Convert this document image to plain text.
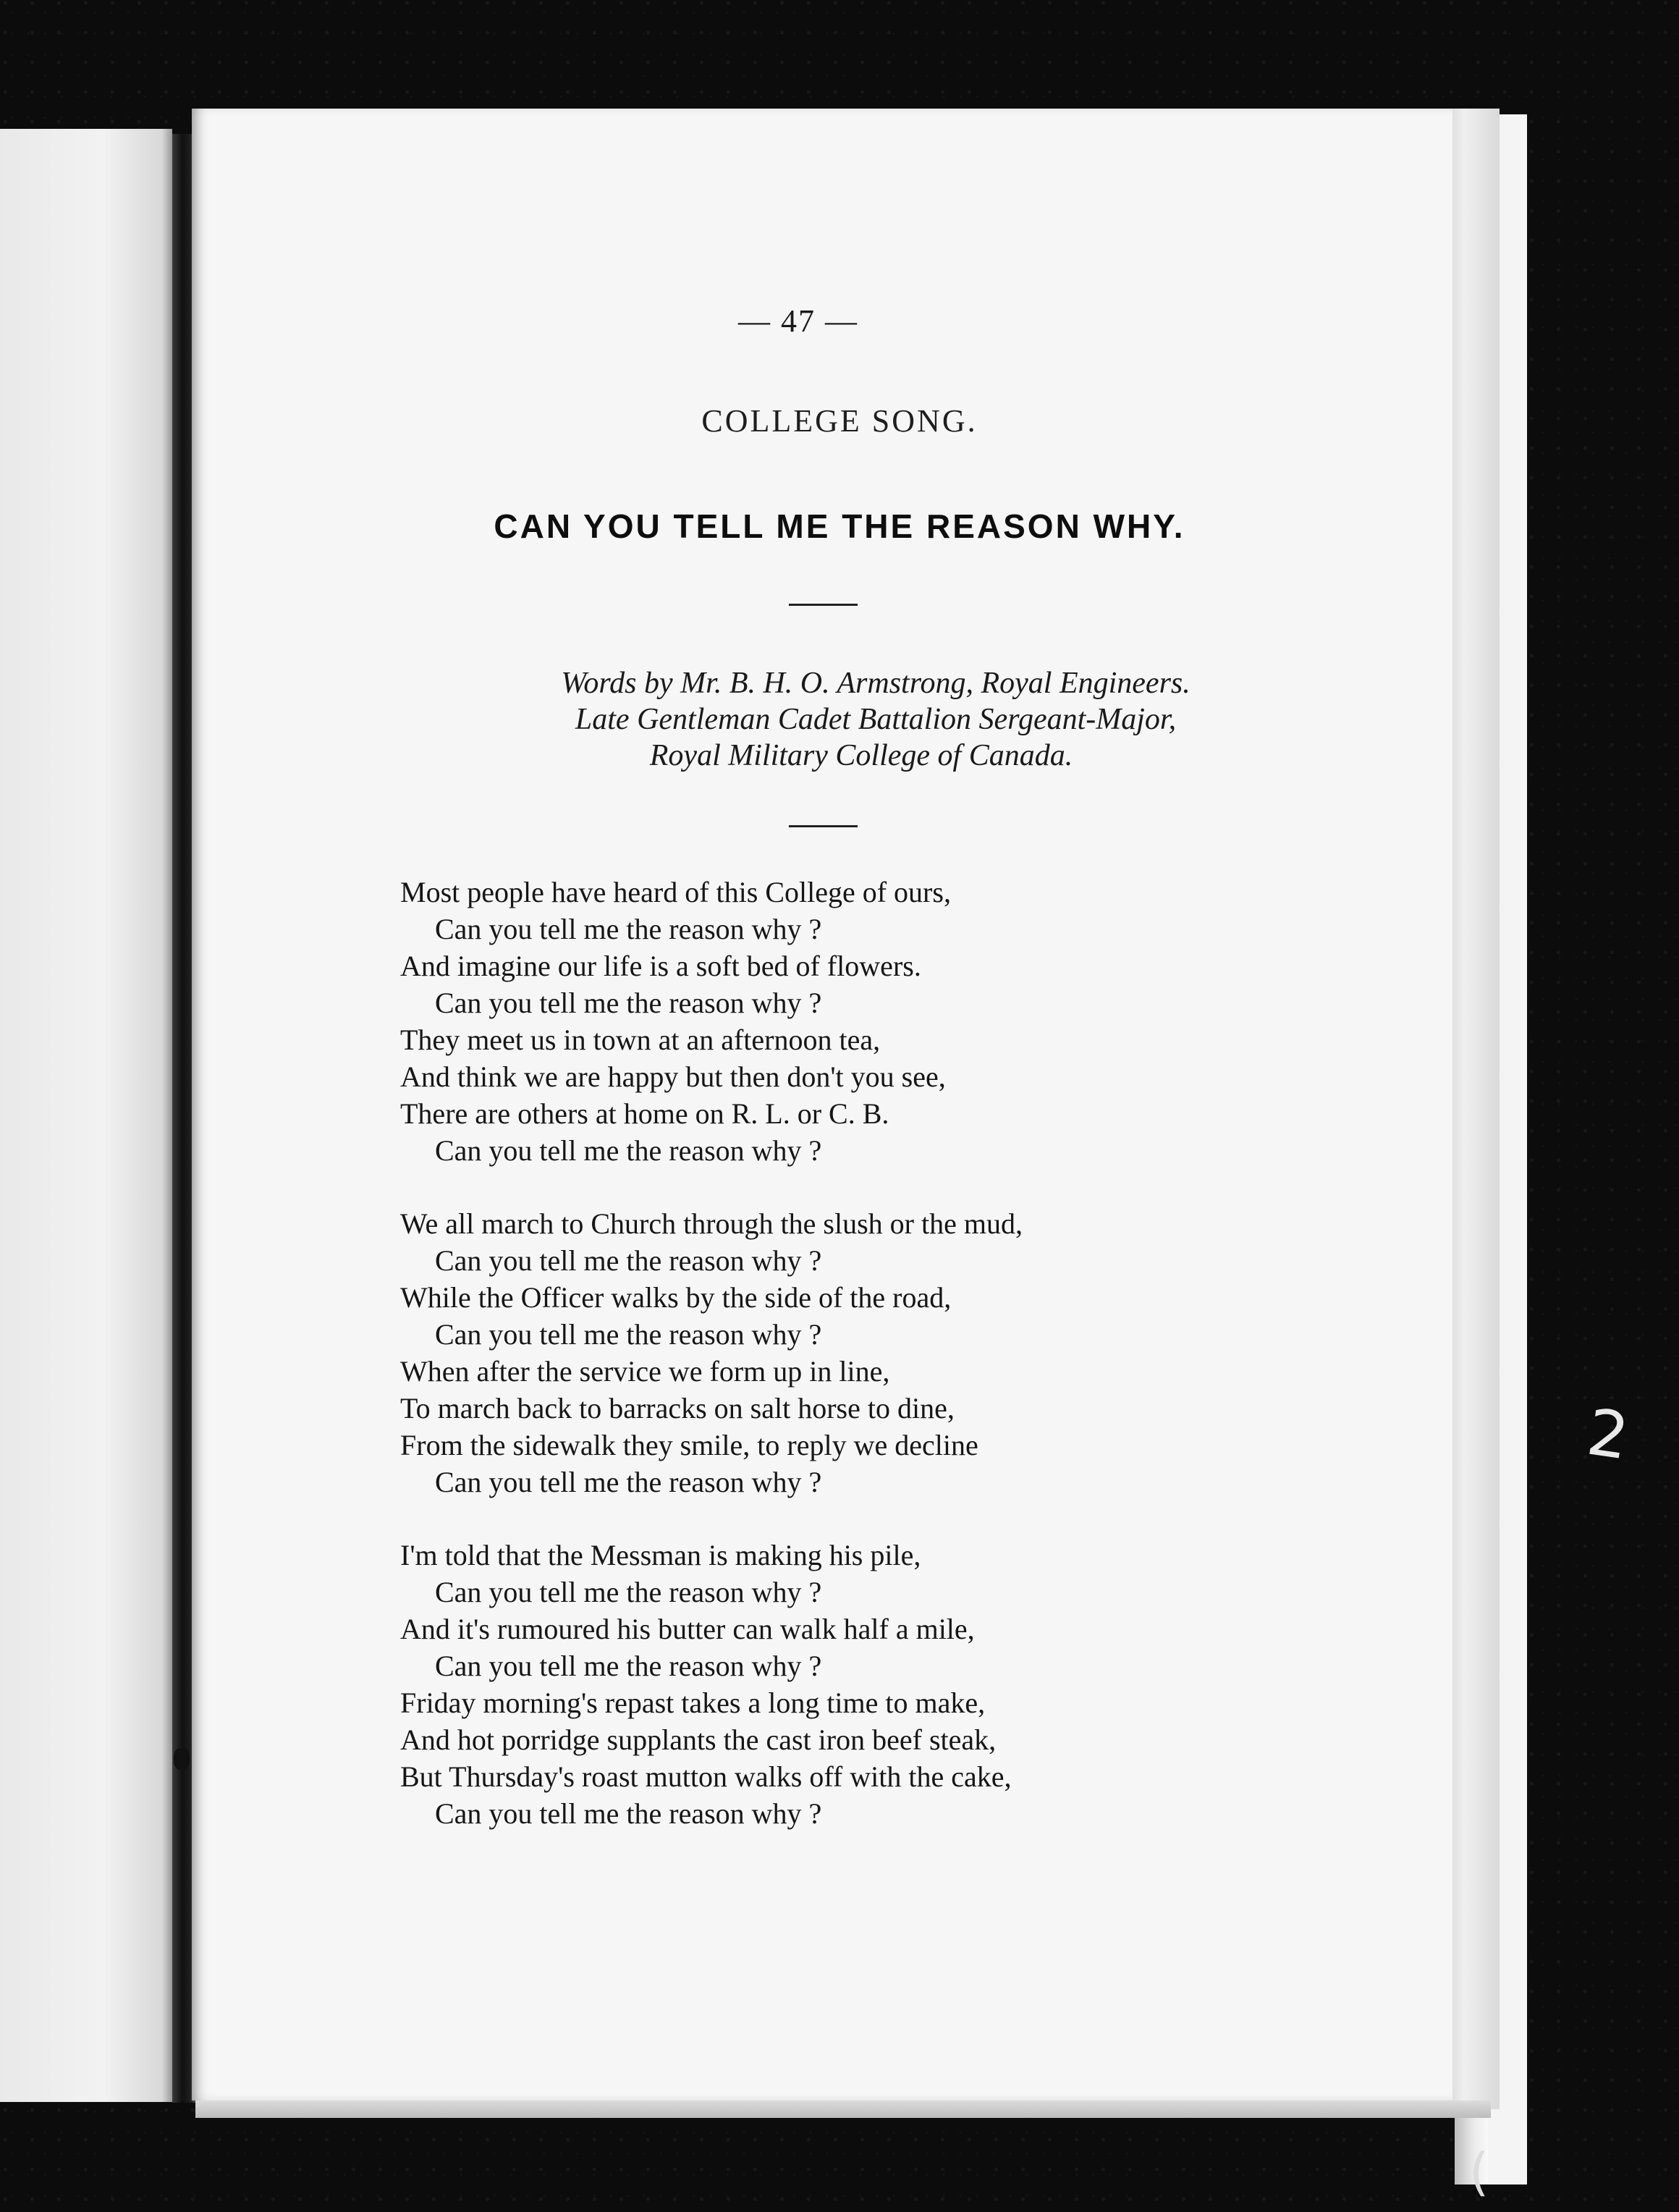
— 47 —
COLLEGE SONG.
CAN YOU TELL ME THE REASON WHY.
Words by Mr. B. H. O. Armstrong, Royal Engineers.
Late Gentleman Cadet Battalion Sergeant-Major,
Royal Military College of Canada.
Most people have heard of this College of ours,
Can you tell me the reason why ?
And imagine our life is a soft bed of flowers.
Can you tell me the reason why ?
They meet us in town at an afternoon tea,
And think we are happy but then don't you see,
There are others at home on R. L. or C. B.
Can you tell me the reason why ?
We all march to Church through the slush or the mud,
Can you tell me the reason why ?
While the Officer walks by the side of the road,
Can you tell me the reason why ?
When after the service we form up in line,
To march back to barracks on salt horse to dine,
From the sidewalk they smile, to reply we decline
Can you tell me the reason why ?
I'm told that the Messman is making his pile,
Can you tell me the reason why ?
And it's rumoured his butter can walk half a mile,
Can you tell me the reason why ?
Friday morning's repast takes a long time to make,
And hot porridge supplants the cast iron beef steak,
But Thursday's roast mutton walks off with the cake,
Can you tell me the reason why ?
2
(
